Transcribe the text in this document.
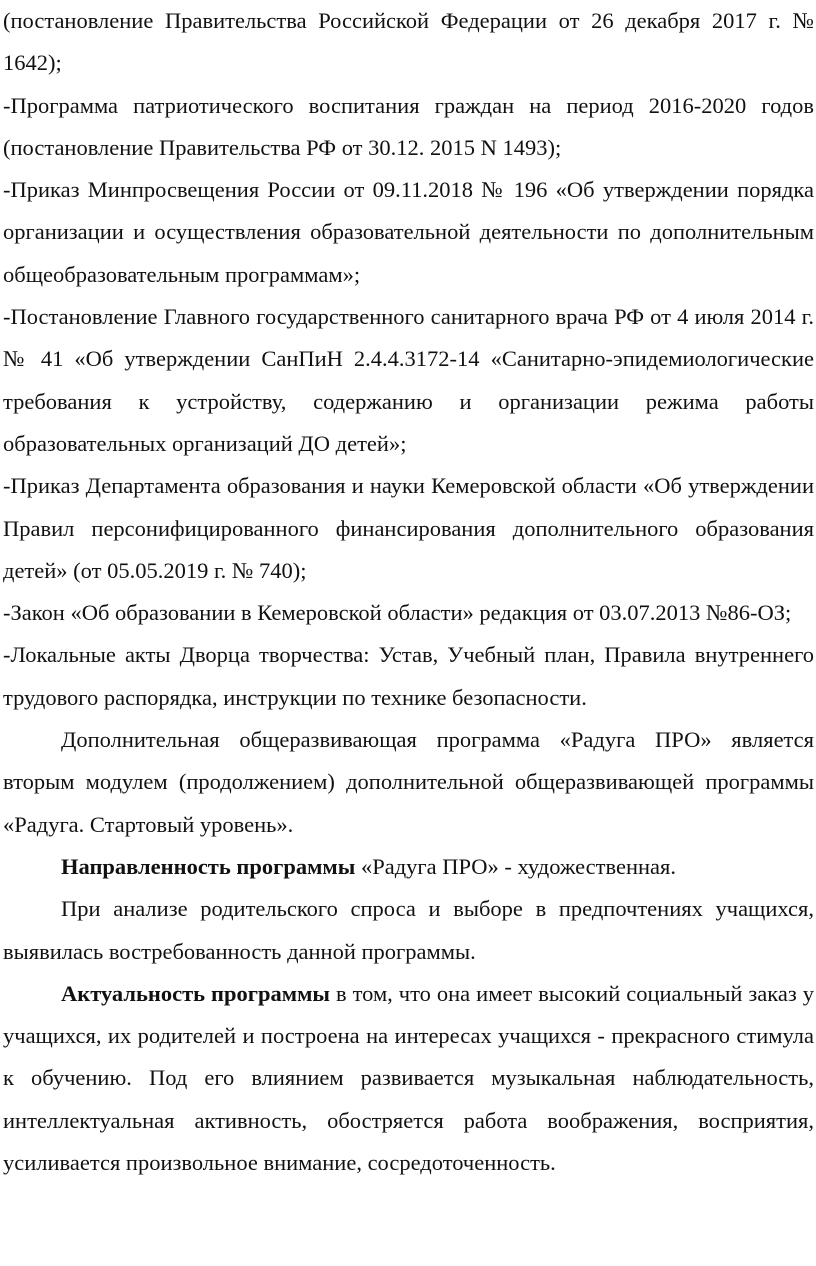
(постановление Правительства Российской Федерации от 26 декабря 2017 г. № 1642);

-Программа патриотического воспитания граждан на период 2016-2020 годов (постановление Правительства РФ от 30.12. 2015 N 1493);

-Приказ Минпросвещения России от 09.11.2018 № 196 «Об утверждении порядка организации и осуществления образовательной деятельности по дополнительным общеобразовательным программам»;

-Постановление Главного государственного санитарного врача РФ от 4 июля 2014 г. № 41 «Об утверждении СанПиН 2.4.4.3172-14 «Санитарно-эпидемиологические требования к устройству, содержанию и организации режима работы образовательных организаций ДО детей»;

-Приказ Департамента образования и науки Кемеровской области «Об утверждении Правил персонифицированного финансирования дополнительного образования детей» (от 05.05.2019 г. № 740);

-Закон «Об образовании в Кемеровской области» редакция от 03.07.2013 №86-ОЗ;

-Локальные акты Дворца творчества: Устав, Учебный план, Правила внутреннего трудового распорядка, инструкции по технике безопасности.

Дополнительная общеразвивающая программа «Радуга ПРО» является вторым модулем (продолжением) дополнительной общеразвивающей программы «Радуга. Стартовый уровень».

Направленность программы «Радуга ПРО» - художественная.

При анализе родительского спроса и выборе в предпочтениях учащихся, выявилась востребованность данной программы.

Актуальность программы в том, что она имеет высокий социальный заказ у учащихся, их родителей и построена на интересах учащихся - прекрасного стимула к обучению. Под его влиянием развивается музыкальная наблюдательность, интеллектуальная активность, обостряется работа воображения, восприятия, усиливается произвольное внимание, сосредоточенность.
